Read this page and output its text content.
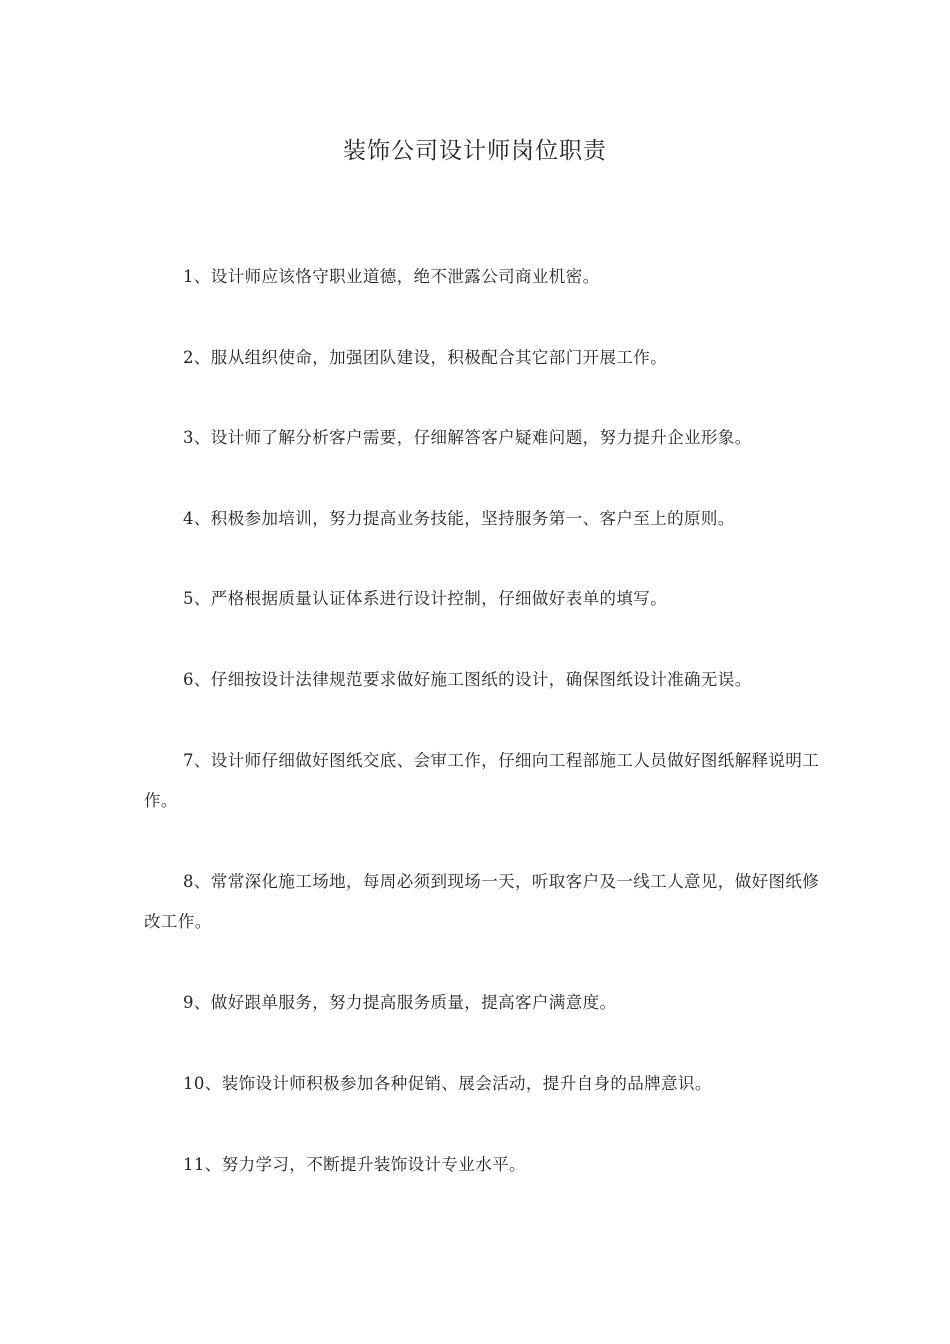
装饰公司设计师岗位职责

1、设计师应该恪守职业道德，绝不泄露公司商业机密。

2、服从组织使命，加强团队建设，积极配合其它部门开展工作。

3、设计师了解分析客户需要，仔细解答客户疑难问题，努力提升企业形象。

4、积极参加培训，努力提高业务技能，坚持服务第一、客户至上的原则。

5、严格根据质量认证体系进行设计控制，仔细做好表单的填写。

6、仔细按设计法律规范要求做好施工图纸的设计，确保图纸设计准确无误。

7、设计师仔细做好图纸交底、会审工作，仔细向工程部施工人员做好图纸解释说明工作。

8、常常深化施工场地，每周必须到现场一天，听取客户及一线工人意见，做好图纸修改工作。

9、做好跟单服务，努力提高服务质量，提高客户满意度。

10、装饰设计师积极参加各种促销、展会活动，提升自身的品牌意识。

11、努力学习，不断提升装饰设计专业水平。
